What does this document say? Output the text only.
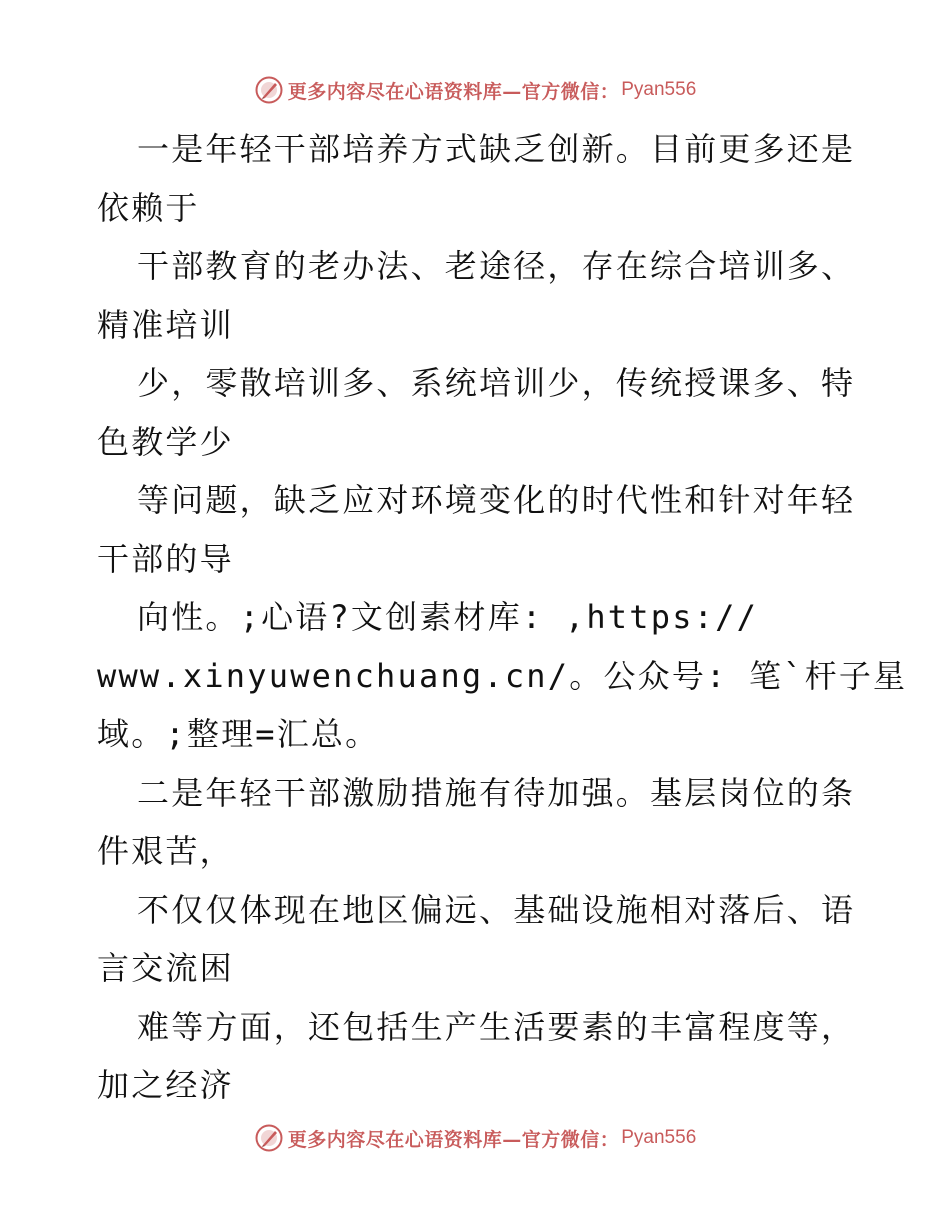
更多内容尽在心语资料库—官方微信： Pyan556
一是年轻干部培养方式缺乏创新。目前更多还是
依赖于
干部教育的老办法、老途径，存在综合培训多、
精准培训
少，零散培训多、系统培训少，传统授课多、特
色教学少
等问题，缺乏应对环境变化的时代性和针对年轻
干部的导
向性。;心语?文创素材库: ,https://
www.xinyuwenchuang.cn/。公众号: 笔`杆子星
域。;整理=汇总。
二是年轻干部激励措施有待加强。基层岗位的条
件艰苦，
不仅仅体现在地区偏远、基础设施相对落后、语
言交流困
难等方面，还包括生产生活要素的丰富程度等，
加之经济
更多内容尽在心语资料库—官方微信： Pyan556
